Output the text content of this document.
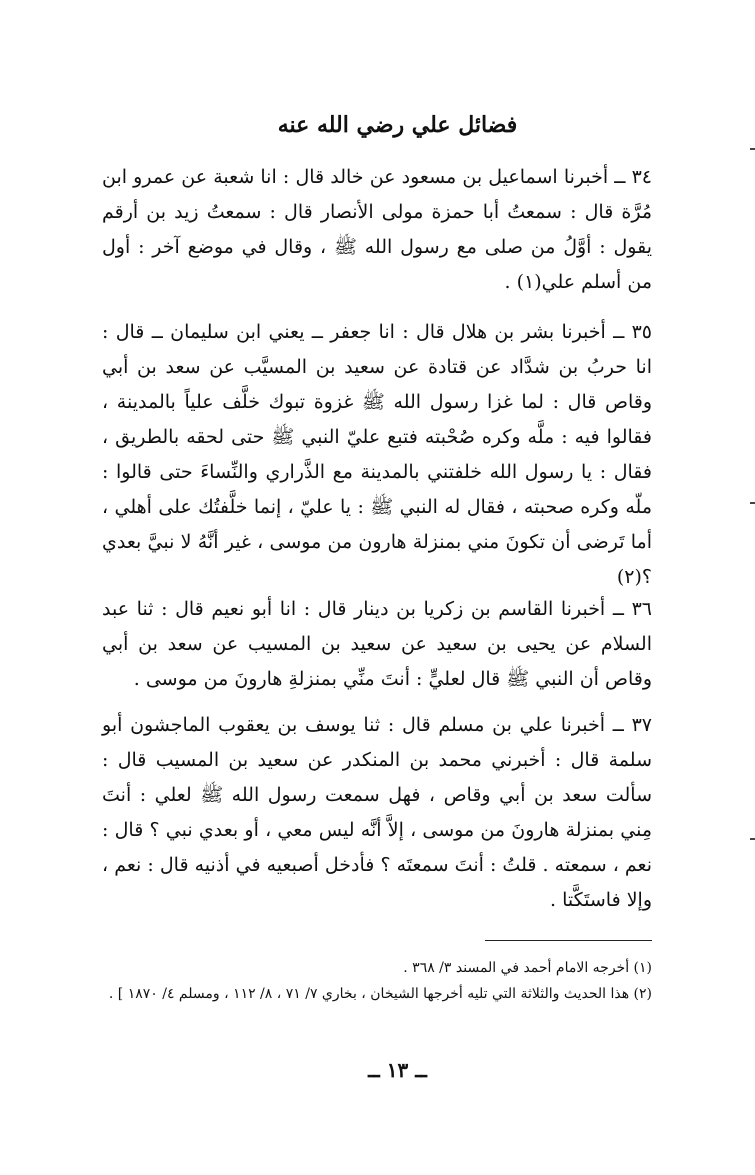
فضائل علي رضي الله عنه

٣٤ ــ أخبرنا اسماعيل بن مسعود عن خالد قال : انا شعبة عن عمرو ابن مُرَّة قال : سمعتُ أبا حمزة مولى الأنصار قال : سمعتُ زيد بن أرقم يقول : أوَّلُ من صلى مع رسول الله ﷺ ، وقال في موضع آخر : أول من أسلم علي(١) .

٣٥ ــ أخبرنا بشر بن هلال قال : انا جعفر ــ يعني ابن سليمان ــ قال : انا حربُ بن شدَّاد عن قتادة عن سعيد بن المسيَّب عن سعد بن أبي وقاص قال : لما غزا رسول الله ﷺ غزوة تبوك خلَّف علياً بالمدينة ، فقالوا فيه : ملَّه وكره صُحْبته فتبع عليّ النبي ﷺ حتى لحقه بالطريق ، فقال : يا رسول الله خلفتني بالمدينة مع الذَّراري والنِّساءَ حتى قالوا : ملّه وكره صحبته ، فقال له النبي ﷺ : يا عليّ ، إنما خلَّفتُك على أهلي ، أما تَرضى أن تكونَ مني بمنزلة هارون من موسى ، غير أنَّهُ لا نبيَّ بعدي ؟(٢)

٣٦ ــ أخبرنا القاسم بن زكريا بن دينار قال : انا أبو نعيم قال : ثنا عبد السلام عن يحيى بن سعيد عن سعيد بن المسيب عن سعد بن أبي وقاص أن النبي ﷺ قال لعليٍّ : أنتَ منِّي بمنزلةِ هارونَ من موسى .

٣٧ ــ أخبرنا علي بن مسلم قال : ثنا يوسف بن يعقوب الماجشون أبو سلمة قال : أخبرني محمد بن المنكدر عن سعيد بن المسيب قال : سألت سعد بن أبي وقاص ، فهل سمعت رسول الله ﷺ لعلي : أنتَ مِني بمنزلة هارونَ من موسى ، إلاَّ أنَّه ليس معي ، أو بعدي نبي ؟ قال : نعم ، سمعته . قلتُ : أنتَ سمعتَه ؟ فأدخل أصبعيه في أذنيه قال : نعم ، وإلا فاستَكَّتا .

(١) أخرجه الامام أحمد في المسند ٣/ ٣٦٨ .

(٢) هذا الحديث والثلاثة التي تليه أخرجها الشيخان ، بخاري ٧/ ٧١ ، ٨/ ١١٢ ، ومسلم ٤/ ١٨٧٠ ] .

ــ ١٣ ــ
